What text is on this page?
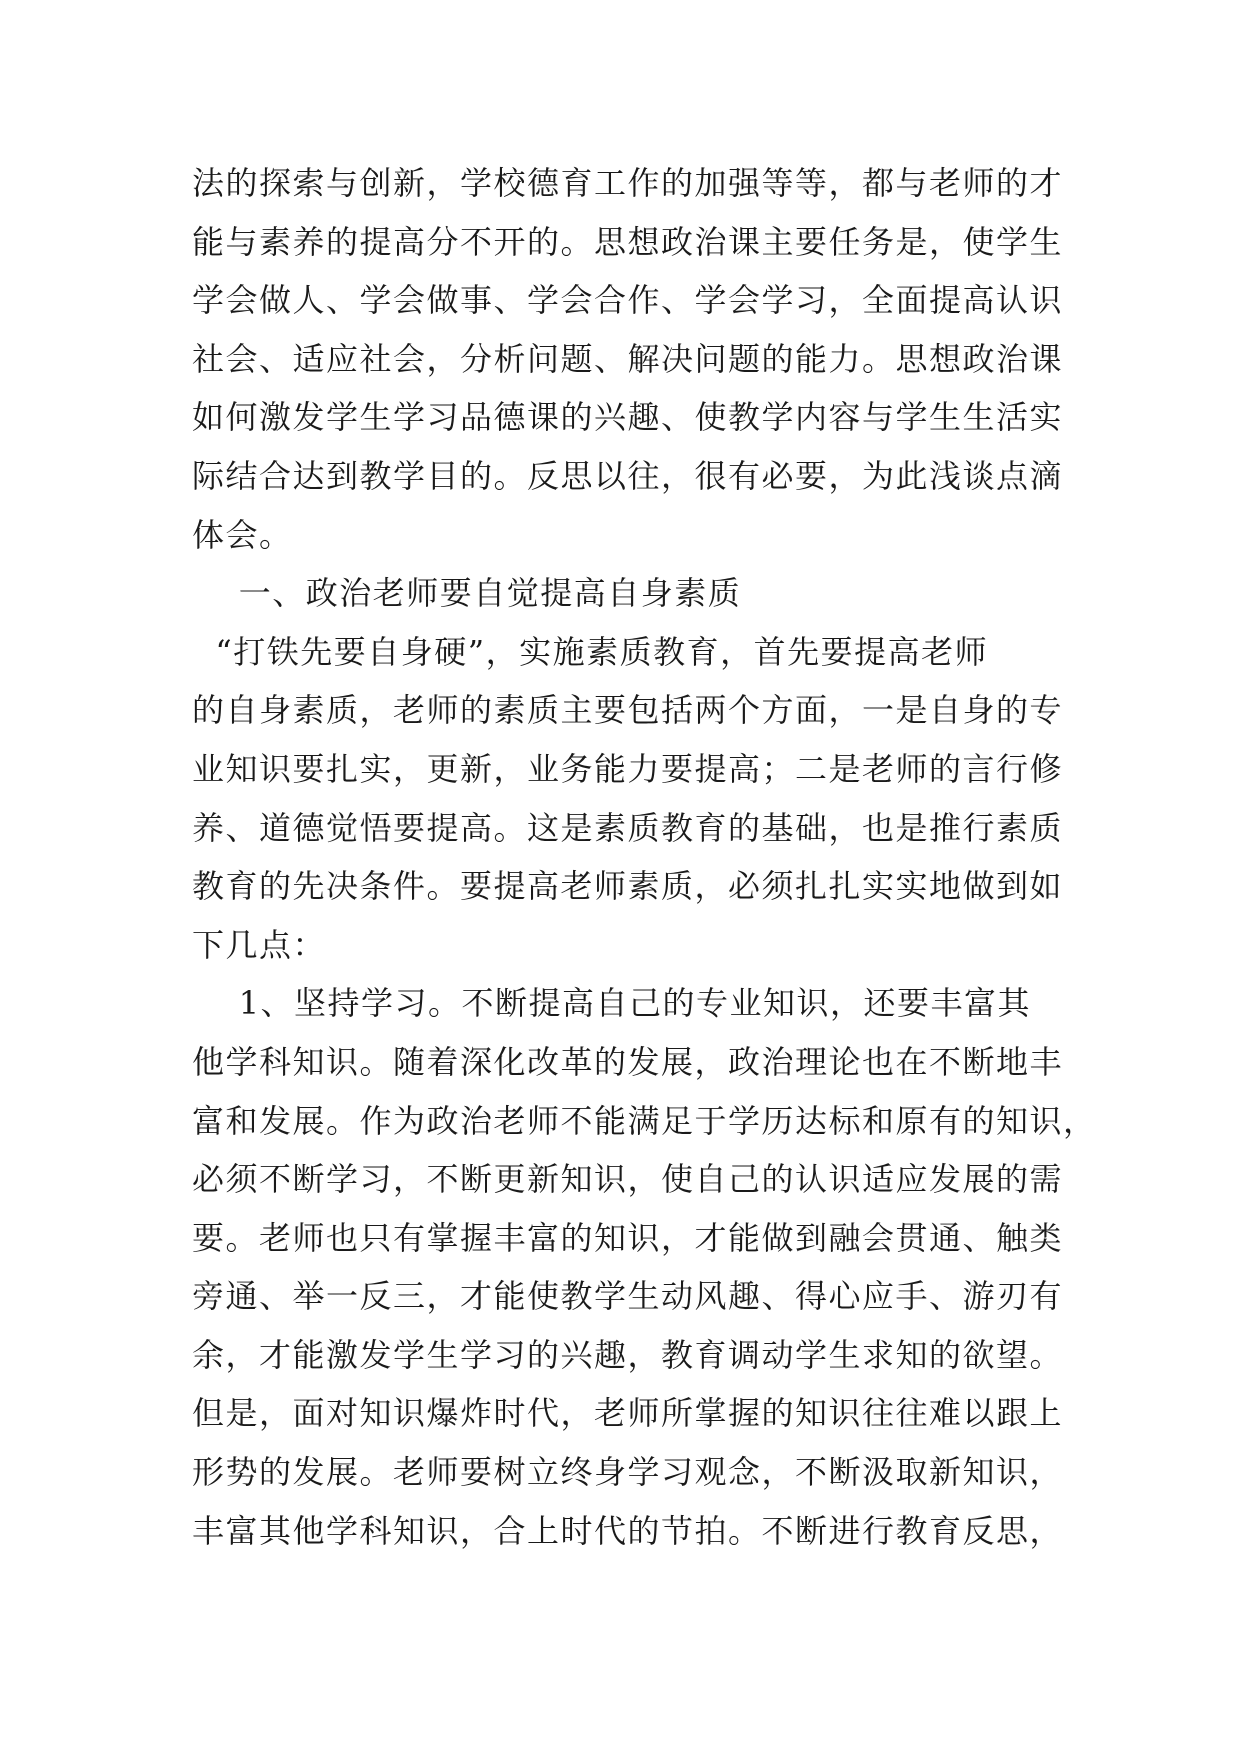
法的探索与创新，学校德育工作的加强等等，都与老师的才
能与素养的提高分不开的。思想政治课主要任务是，使学生
学会做人、学会做事、学会合作、学会学习，全面提高认识
社会、适应社会，分析问题、解决问题的能力。思想政治课
如何激发学生学习品德课的兴趣、使教学内容与学生生活实
际结合达到教学目的。反思以往，很有必要，为此浅谈点滴
体会。
一、政治老师要自觉提高自身素质
“打铁先要自身硬”，实施素质教育，首先要提高老师
的自身素质，老师的素质主要包括两个方面，一是自身的专
业知识要扎实，更新，业务能力要提高；二是老师的言行修
养、道德觉悟要提高。这是素质教育的基础，也是推行素质
教育的先决条件。要提高老师素质，必须扎扎实实地做到如
下几点：
1、坚持学习。不断提高自己的专业知识，还要丰富其
他学科知识。随着深化改革的发展，政治理论也在不断地丰
富和发展。作为政治老师不能满足于学历达标和原有的知识，
必须不断学习，不断更新知识，使自己的认识适应发展的需
要。老师也只有掌握丰富的知识，才能做到融会贯通、触类
旁通、举一反三，才能使教学生动风趣、得心应手、游刃有
余，才能激发学生学习的兴趣，教育调动学生求知的欲望。
但是，面对知识爆炸时代，老师所掌握的知识往往难以跟上
形势的发展。老师要树立终身学习观念，不断汲取新知识，
丰富其他学科知识，合上时代的节拍。不断进行教育反思，
